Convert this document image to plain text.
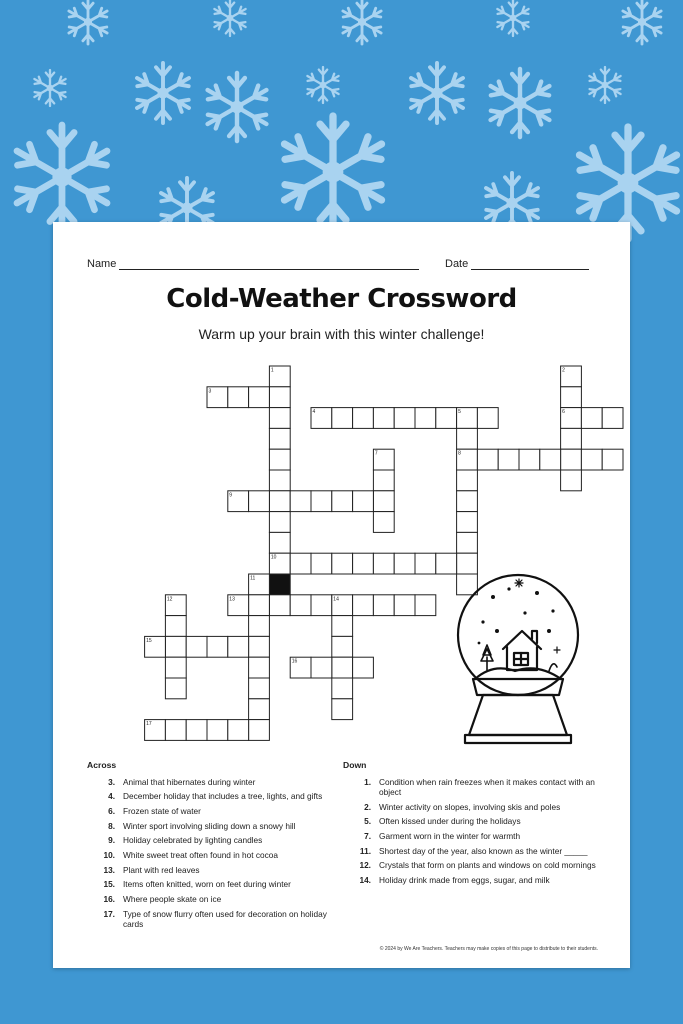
Name	Date
Cold-Weather Crossword
Warm up your brain with this winter challenge!
1	2
3
4	5	6
7	8
9
10
11
12	13	14
15
16
17
Across
3. Animal that hibernates during winter
4. December holiday that includes a tree, lights, and gifts
6. Frozen state of water
8. Winter sport involving sliding down a snowy hill
9. Holiday celebrated by lighting candles
10. White sweet treat often found in hot cocoa
13. Plant with red leaves
15. Items often knitted, worn on feet during winter
16. Where people skate on ice
17. Type of snow flurry often used for decoration on holiday cards
Down
1. Condition when rain freezes when it makes contact with an object
2. Winter activity on slopes, involving skis and poles
5. Often kissed under during the holidays
7. Garment worn in the winter for warmth
11. Shortest day of the year, also known as the winter _____
12. Crystals that form on plants and windows on cold mornings
14. Holiday drink made from eggs, sugar, and milk
© 2024 by We Are Teachers. Teachers may make copies of this page to distribute to their students.
